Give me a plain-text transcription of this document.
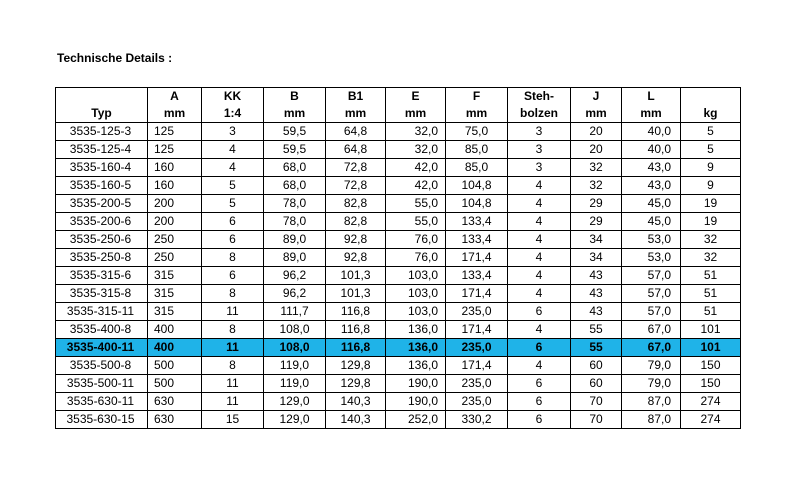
Technische Details :
	A	KK	B	B1	E	F	Steh-	J	L	
Typ	mm	1:4	mm	mm	mm	mm	bolzen	mm	mm	kg
3535-125-3	125	3	59,5	64,8	32,0	75,0	3	20	40,0	5
3535-125-4	125	4	59,5	64,8	32,0	85,0	3	20	40,0	5
3535-160-4	160	4	68,0	72,8	42,0	85,0	3	32	43,0	9
3535-160-5	160	5	68,0	72,8	42,0	104,8	4	32	43,0	9
3535-200-5	200	5	78,0	82,8	55,0	104,8	4	29	45,0	19
3535-200-6	200	6	78,0	82,8	55,0	133,4	4	29	45,0	19
3535-250-6	250	6	89,0	92,8	76,0	133,4	4	34	53,0	32
3535-250-8	250	8	89,0	92,8	76,0	171,4	4	34	53,0	32
3535-315-6	315	6	96,2	101,3	103,0	133,4	4	43	57,0	51
3535-315-8	315	8	96,2	101,3	103,0	171,4	4	43	57,0	51
3535-315-11	315	11	111,7	116,8	103,0	235,0	6	43	57,0	51
3535-400-8	400	8	108,0	116,8	136,0	171,4	4	55	67,0	101
3535-400-11	400	11	108,0	116,8	136,0	235,0	6	55	67,0	101
3535-500-8	500	8	119,0	129,8	136,0	171,4	4	60	79,0	150
3535-500-11	500	11	119,0	129,8	190,0	235,0	6	60	79,0	150
3535-630-11	630	11	129,0	140,3	190,0	235,0	6	70	87,0	274
3535-630-15	630	15	129,0	140,3	252,0	330,2	6	70	87,0	274
